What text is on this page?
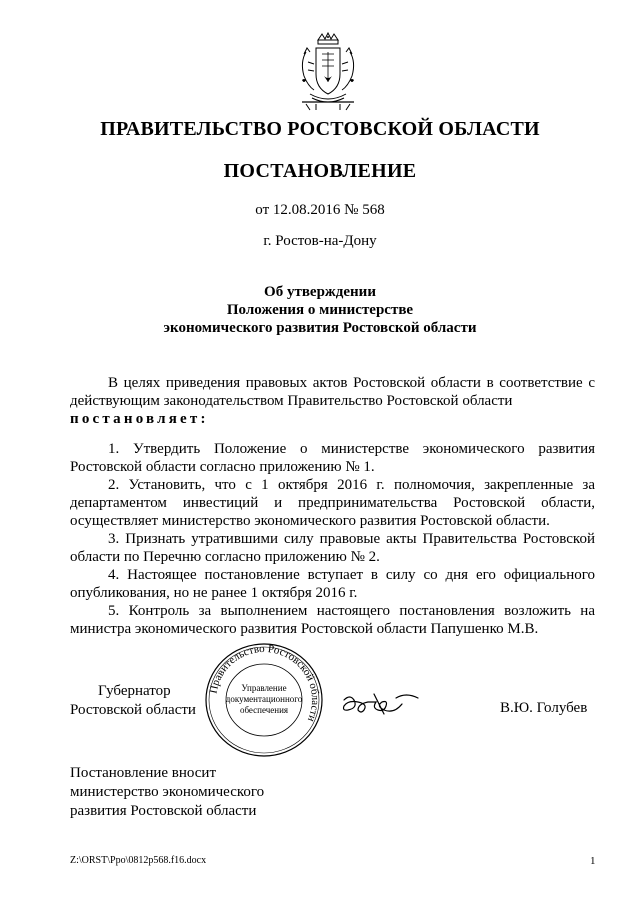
ПРАВИТЕЛЬСТВО РОСТОВСКОЙ ОБЛАСТИ
ПОСТАНОВЛЕНИЕ
от 12.08.2016 № 568
г. Ростов-на-Дону
Об утверждении
Положения о министерстве
экономического развития Ростовской области

В целях приведения правовых актов Ростовской области в соответствие с действующим законодательством Правительство Ростовской области

постановляет:

1. Утвердить Положение о министерстве экономического развития Ростовской области согласно приложению № 1.

2. Установить, что с 1 октября 2016 г. полномочия, закрепленные за департаментом инвестиций и предпринимательства Ростовской области, осуществляет министерство экономического развития Ростовской области.

3. Признать утратившими силу правовые акты Правительства Ростовской области по Перечню согласно приложению № 2.

4. Настоящее постановление вступает в силу со дня его официального опубликования, но не ранее 1 октября 2016 г.

5. Контроль за выполнением настоящего постановления возложить на министра экономического развития Ростовской области Папушенко М.В.

Губернатор
Ростовской области
Правительство Ростовской области
Управление
документационного
обеспечения	В.Ю. Голубев
Постановление вносит
министерство экономического
развития Ростовской области
Z:\ORST\Ppo\0812p568.f16.docx	1
